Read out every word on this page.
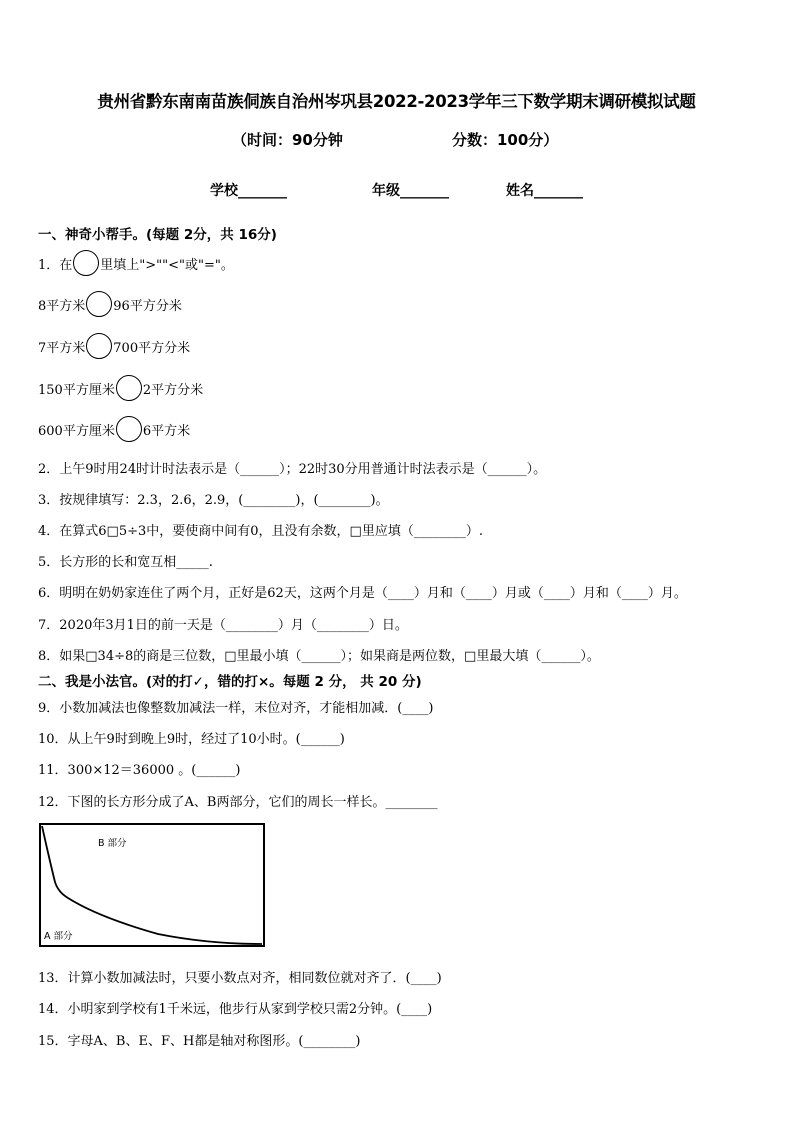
贵州省黔东南南苗族侗族自治州岑巩县2022-2023学年三下数学期末调研模拟试题
（时间：90分钟	分数：100分）
学校_______	年级_______	姓名_______
一、神奇小帮手。(每题 2分，共 16分)
1．在 里填上">""<"或"="。
8平方米 96平方分米
7平方米 700平方分米
150平方厘米 2平方分米
600平方厘米 6平方米
2．上午9时用24时计时法表示是（______）；22时30分用普通计时法表示是（______）。
3．按规律填写：2.3，2.6，2.9，(________)，(________)。
4．在算式6□5÷3中，要使商中间有0，且没有余数，□里应填（________）.
5．长方形的长和宽互相_____.
6．明明在奶奶家连住了两个月，正好是62天，这两个月是（____）月和（____）月或（____）月和（____）月。
7．2020年3月1日的前一天是（________）月（________）日。
8．如果□34÷8的商是三位数，□里最小填（______）；如果商是两位数，□里最大填（______）。
二、我是小法官。(对的打✓，错的打×。每题 2 分， 共 20 分)
9．小数加减法也像整数加减法一样，末位对齐，才能相加减．(____)
10．从上午9时到晚上9时，经过了10小时。(______)
11．300×12＝36000 。(______)
12．下图的长方形分成了A、B两部分，它们的周长一样长。________
B 部分
A 部分
13．计算小数加减法时，只要小数点对齐，相同数位就对齐了．(____)
14．小明家到学校有1千米远，他步行从家到学校只需2分钟。(____)
15．字母A、B、E、F、H都是轴对称图形。(________)
